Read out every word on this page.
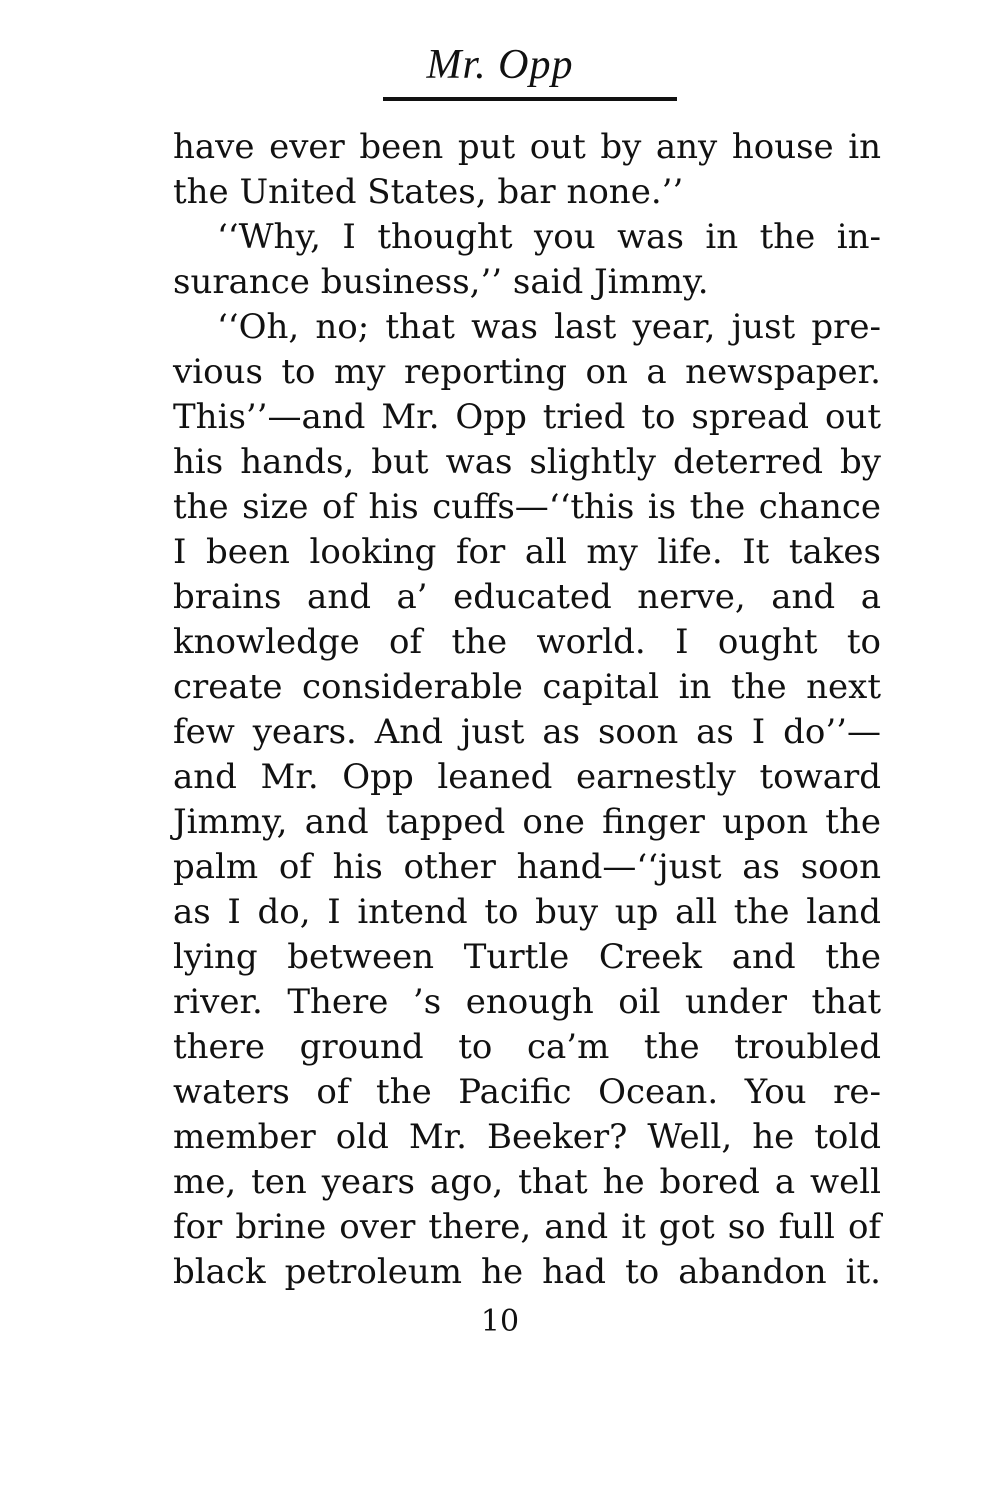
Mr. Opp
have ever been put out by any house in
the United States, bar none.’’
‘‘Why, I thought you was in the in-
surance business,’’ said Jimmy.
‘‘Oh, no; that was last year, just pre-
vious to my reporting on a newspaper.
This’’—and Mr. Opp tried to spread out
his hands, but was slightly deterred by
the size of his cuffs—‘‘this is the chance
I been looking for all my life. It takes
brains and a’ educated nerve, and a
knowledge of the world. I ought to
create considerable capital in the next
few years. And just as soon as I do’’—
and Mr. Opp leaned earnestly toward
Jimmy, and tapped one finger upon the
palm of his other hand—‘‘just as soon
as I do, I intend to buy up all the land
lying between Turtle Creek and the
river. There ’s enough oil under that
there ground to ca’m the troubled
waters of the Pacific Ocean. You re-
member old Mr. Beeker? Well, he told
me, ten years ago, that he bored a well
for brine over there, and it got so full of
black petroleum he had to abandon it.
10
